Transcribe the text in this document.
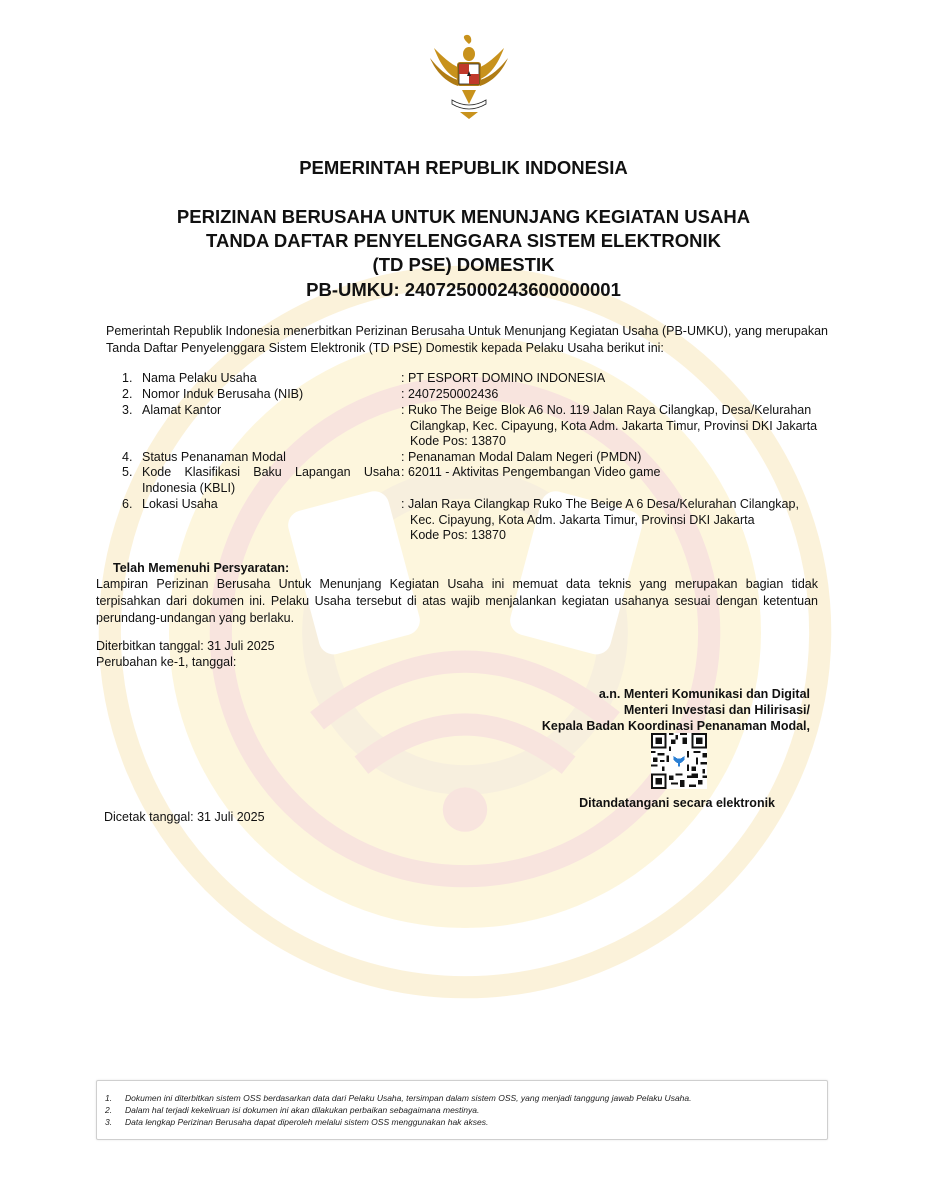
PEMERINTAH REPUBLIK INDONESIA
PERIZINAN BERUSAHA UNTUK MENUNJANG KEGIATAN USAHA
TANDA DAFTAR PENYELENGGARA SISTEM ELEKTRONIK
(TD PSE) DOMESTIK
PB-UMKU: 240725000243600000001
Pemerintah Republik Indonesia menerbitkan Perizinan Berusaha Untuk Menunjang Kegiatan Usaha (PB-UMKU), yang merupakan Tanda Daftar Penyelenggara Sistem Elektronik (TD PSE) Domestik kepada Pelaku Usaha berikut ini:
1. Nama Pelaku Usaha	: PT ESPORT DOMINO INDONESIA
2. Nomor Induk Berusaha (NIB)	: 2407250002436
3. Alamat Kantor	: Ruko The Beige Blok A6 No. 119 Jalan Raya Cilangkap, Desa/Kelurahan
Cilangkap, Kec. Cipayung, Kota Adm. Jakarta Timur, Provinsi DKI Jakarta
Kode Pos: 13870
4. Status Penanaman Modal	: Penanaman Modal Dalam Negeri (PMDN)
5. Kode Klasifikasi Baku Lapangan Usaha
Indonesia (KBLI)
: 62011 - Aktivitas Pengembangan Video game
6. Lokasi Usaha	: Jalan Raya Cilangkap Ruko The Beige A 6 Desa/Kelurahan Cilangkap,
Kec. Cipayung, Kota Adm. Jakarta Timur, Provinsi DKI Jakarta
Kode Pos: 13870
Telah Memenuhi Persyaratan:
Lampiran Perizinan Berusaha Untuk Menunjang Kegiatan Usaha ini memuat data teknis yang merupakan bagian tidak terpisahkan dari dokumen ini. Pelaku Usaha tersebut di atas wajib menjalankan kegiatan usahanya sesuai dengan ketentuan perundang-undangan yang berlaku.
Diterbitkan tanggal: 31 Juli 2025
Perubahan ke-1, tanggal:
a.n. Menteri Komunikasi dan Digital
Menteri Investasi dan Hilirisasi/
Kepala Badan Koordinasi Penanaman Modal,
Ditandatangani secara elektronik
Dicetak tanggal: 31 Juli 2025
1. Dokumen ini diterbitkan sistem OSS berdasarkan data dari Pelaku Usaha, tersimpan dalam sistem OSS, yang menjadi tanggung jawab Pelaku Usaha.
2. Dalam hal terjadi kekeliruan isi dokumen ini akan dilakukan perbaikan sebagaimana mestinya.
3. Data lengkap Perizinan Berusaha dapat diperoleh melalui sistem OSS menggunakan hak akses.
